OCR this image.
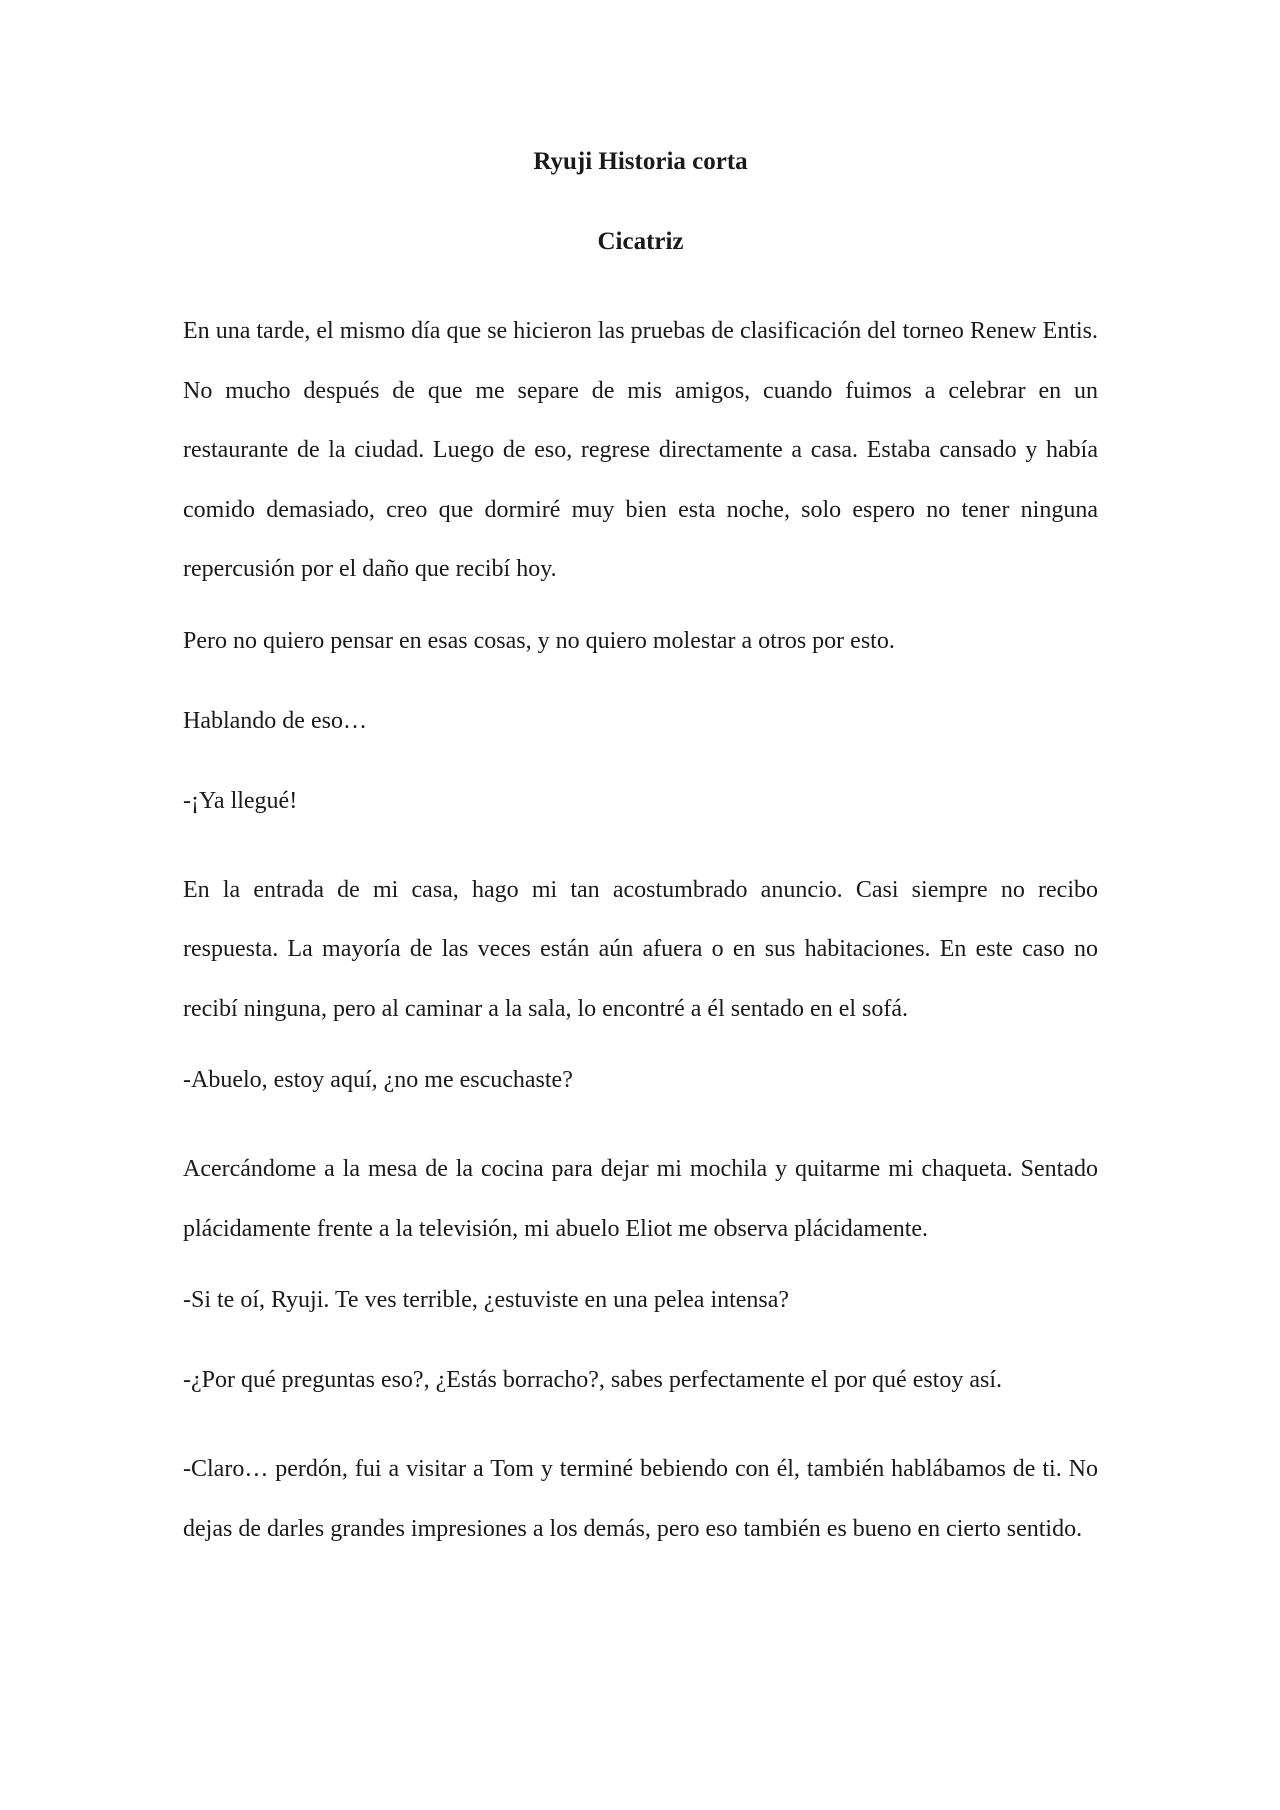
Ryuji Historia corta

Cicatriz

En una tarde, el mismo día que se hicieron las pruebas de clasificación del torneo Renew Entis. No mucho después de que me separe de mis amigos, cuando fuimos a celebrar en un restaurante de la ciudad. Luego de eso, regrese directamente a casa. Estaba cansado y había comido demasiado, creo que dormiré muy bien esta noche, solo espero no tener ninguna repercusión por el daño que recibí hoy.

Pero no quiero pensar en esas cosas, y no quiero molestar a otros por esto.

Hablando de eso…

-¡Ya llegué!

En la entrada de mi casa, hago mi tan acostumbrado anuncio. Casi siempre no recibo respuesta. La mayoría de las veces están aún afuera o en sus habitaciones. En este caso no recibí ninguna, pero al caminar a la sala, lo encontré a él sentado en el sofá.

-Abuelo, estoy aquí, ¿no me escuchaste?

Acercándome a la mesa de la cocina para dejar mi mochila y quitarme mi chaqueta. Sentado plácidamente frente a la televisión, mi abuelo Eliot me observa plácidamente.

-Si te oí, Ryuji. Te ves terrible, ¿estuviste en una pelea intensa?

-¿Por qué preguntas eso?, ¿Estás borracho?, sabes perfectamente el por qué estoy así.

-Claro… perdón, fui a visitar a Tom y terminé bebiendo con él, también hablábamos de ti. No dejas de darles grandes impresiones a los demás, pero eso también es bueno en cierto sentido.
